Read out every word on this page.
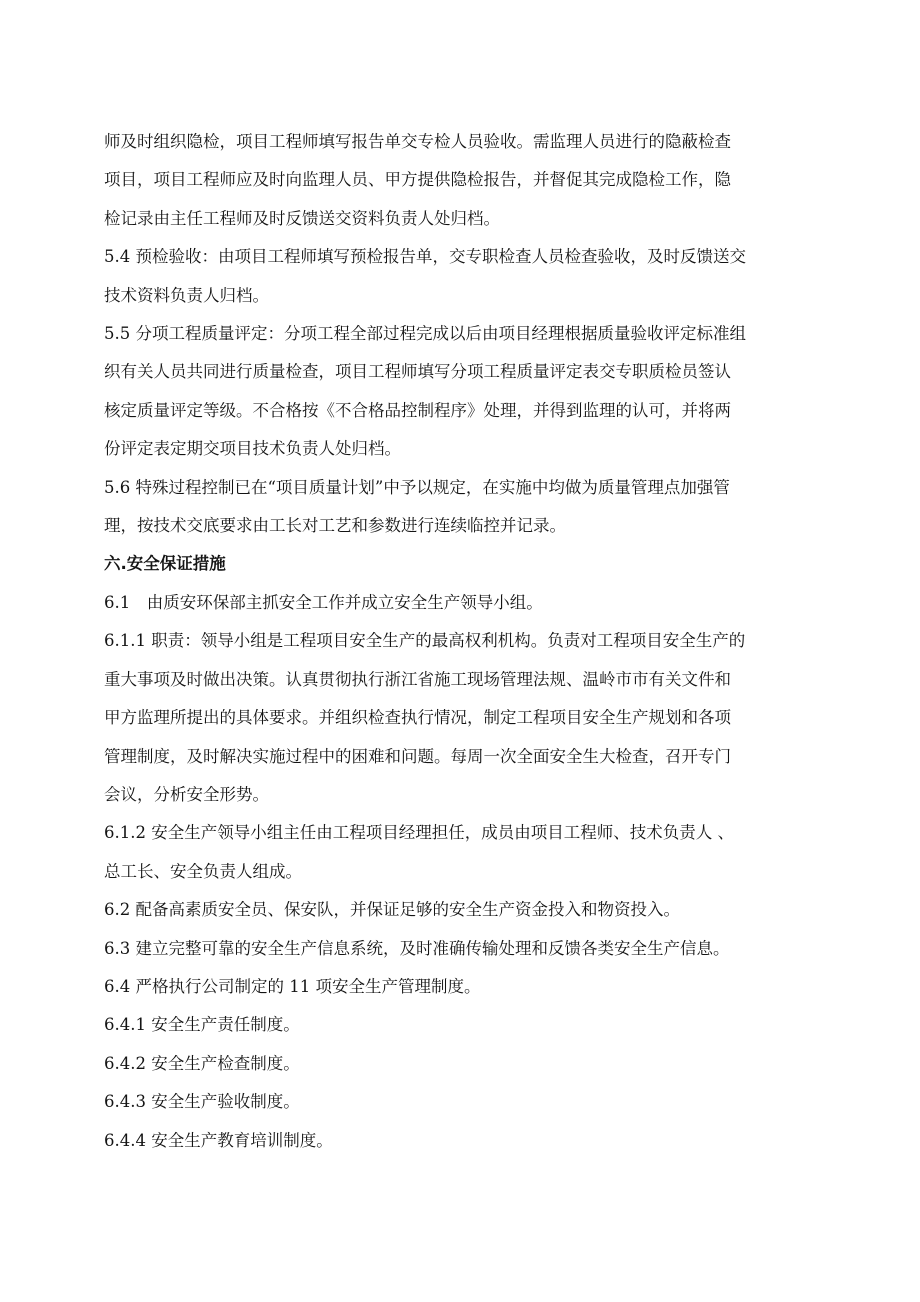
师及时组织隐检，项目工程师填写报告单交专检人员验收。需监理人员进行的隐蔽检查
项目，项目工程师应及时向监理人员、甲方提供隐检报告，并督促其完成隐检工作，隐
检记录由主任工程师及时反馈送交资料负责人处归档。

5.4 预检验收：由项目工程师填写预检报告单，交专职检查人员检查验收，及时反馈送交
技术资料负责人归档。

5.5 分项工程质量评定：分项工程全部过程完成以后由项目经理根据质量验收评定标准组
织有关人员共同进行质量检查，项目工程师填写分项工程质量评定表交专职质检员签认
核定质量评定等级。不合格按《不合格品控制程序》处理，并得到监理的认可，并将两
份评定表定期交项目技术负责人处归档。

5.6 特殊过程控制已在“项目质量计划”中予以规定，在实施中均做为质量管理点加强管
理，按技术交底要求由工长对工艺和参数进行连续临控并记录。

六.安全保证措施

6.1　由质安环保部主抓安全工作并成立安全生产领导小组。

6.1.1 职责：领导小组是工程项目安全生产的最高权利机构。负责对工程项目安全生产的
重大事项及时做出决策。认真贯彻执行浙江省施工现场管理法规、温岭市市有关文件和
甲方监理所提出的具体要求。并组织检查执行情况，制定工程项目安全生产规划和各项
管理制度，及时解决实施过程中的困难和问题。每周一次全面安全生大检查，召开专门
会议，分析安全形势。

6.1.2 安全生产领导小组主任由工程项目经理担任，成员由项目工程师、技术负责人 、
总工长、安全负责人组成。

6.2 配备高素质安全员、保安队，并保证足够的安全生产资金投入和物资投入。

6.3 建立完整可靠的安全生产信息系统，及时准确传输处理和反馈各类安全生产信息。

6.4 严格执行公司制定的 11 项安全生产管理制度。

6.4.1 安全生产责任制度。

6.4.2 安全生产检查制度。

6.4.3 安全生产验收制度。

6.4.4 安全生产教育培训制度。
